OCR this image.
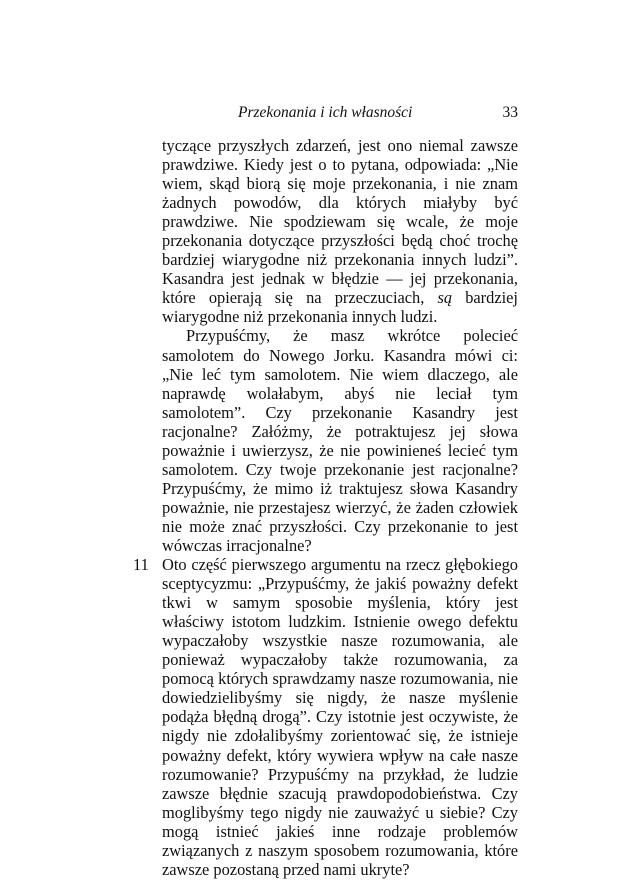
Przekonania i ich własności	33

tyczące przyszłych zdarzeń, jest ono niemal zawsze prawdziwe. Kiedy jest o to pytana, odpowiada: „Nie wiem, skąd biorą się moje przekonania, i nie znam żadnych powodów, dla których miałyby być prawdziwe. Nie spodziewam się wcale, że moje przekonania dotyczące przyszłości będą choć trochę bardziej wiarygodne niż przekonania innych ludzi”. Kasandra jest jednak w błędzie — jej przekonania, które opierają się na przeczuciach, są bardziej wiarygodne niż przekonania innych ludzi.

Przypuśćmy, że masz wkrótce polecieć samolotem do Nowego Jorku. Kasandra mówi ci: „Nie leć tym samolotem. Nie wiem dlaczego, ale naprawdę wolałabym, abyś nie leciał tym samolotem”. Czy przekonanie Kasandry jest racjonalne? Załóżmy, że potraktujesz jej słowa poważnie i uwierzysz, że nie powinieneś lecieć tym samolotem. Czy twoje przekonanie jest racjonalne? Przypuśćmy, że mimo iż traktujesz słowa Kasandry poważnie, nie przestajesz wierzyć, że żaden człowiek nie może znać przyszłości. Czy przekonanie to jest wówczas irracjonalne?

11 Oto część pierwszego argumentu na rzecz głębokiego sceptycyzmu: „Przypuśćmy, że jakiś poważny defekt tkwi w samym sposobie myślenia, który jest właściwy istotom ludzkim. Istnienie owego defektu wypaczałoby wszystkie nasze rozumowania, ale ponieważ wypaczałoby także rozumowania, za pomocą których sprawdzamy nasze rozumowania, nie dowiedzielibyśmy się nigdy, że nasze myślenie podąża błędną drogą”. Czy istotnie jest oczywiste, że nigdy nie zdołalibyśmy zorientować się, że istnieje poważny defekt, który wywiera wpływ na całe nasze rozumowanie? Przypuśćmy na przykład, że ludzie zawsze błędnie szacują prawdopodobieństwa. Czy moglibyśmy tego nigdy nie zauważyć u siebie? Czy mogą istnieć jakieś inne rodzaje problemów związanych z naszym sposobem rozumowania, które zawsze pozostaną przed nami ukryte?
